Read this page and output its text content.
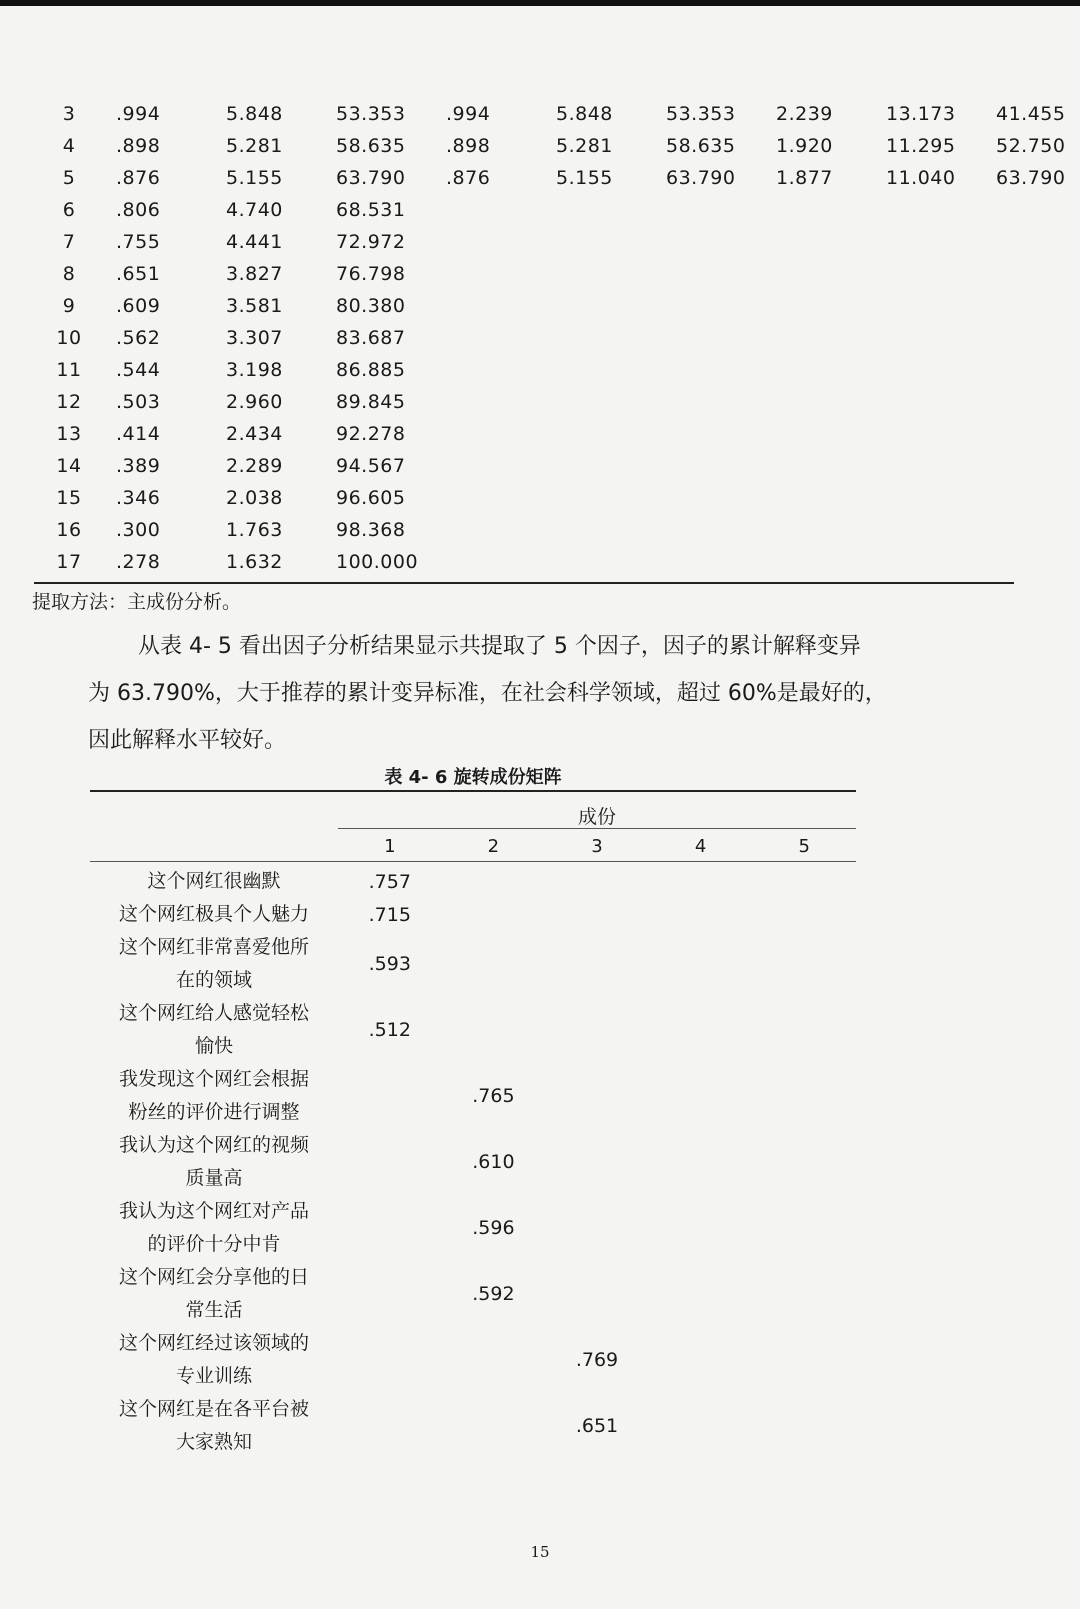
3	.994	5.848	53.353	.994	5.848	53.353	2.239	13.173	41.455
4	.898	5.281	58.635	.898	5.281	58.635	1.920	11.295	52.750
5	.876	5.155	63.790	.876	5.155	63.790	1.877	11.040	63.790
6	.806	4.740	68.531						
7	.755	4.441	72.972						
8	.651	3.827	76.798						
9	.609	3.581	80.380						
10	.562	3.307	83.687						
11	.544	3.198	86.885						
12	.503	2.960	89.845						
13	.414	2.434	92.278						
14	.389	2.289	94.567						
15	.346	2.038	96.605						
16	.300	1.763	98.368						
17	.278	1.632	100.000						
提取方法：主成份分析。

从表 4- 5 看出因子分析结果显示共提取了 5 个因子，因子的累计解释变异

为 63.790%，大于推荐的累计变异标准，在社会科学领域，超过 60%是最好的，

因此解释水平较好。

表 4- 6 旋转成份矩阵
成份
1	2	3	4	5
这个网红很幽默	.757				

这个网红极具个人魅力	.715				

这个网红非常喜爱他所
在的领域	.593				

这个网红给人感觉轻松
愉快	.512				

我发现这个网红会根据
粉丝的评价进行调整		.765			

我认为这个网红的视频
质量高		.610			

我认为这个网红对产品
的评价十分中肯		.596			

这个网红会分享他的日
常生活		.592			

这个网红经过该领域的
专业训练			.769		

这个网红是在各平台被
大家熟知			.651		
15
